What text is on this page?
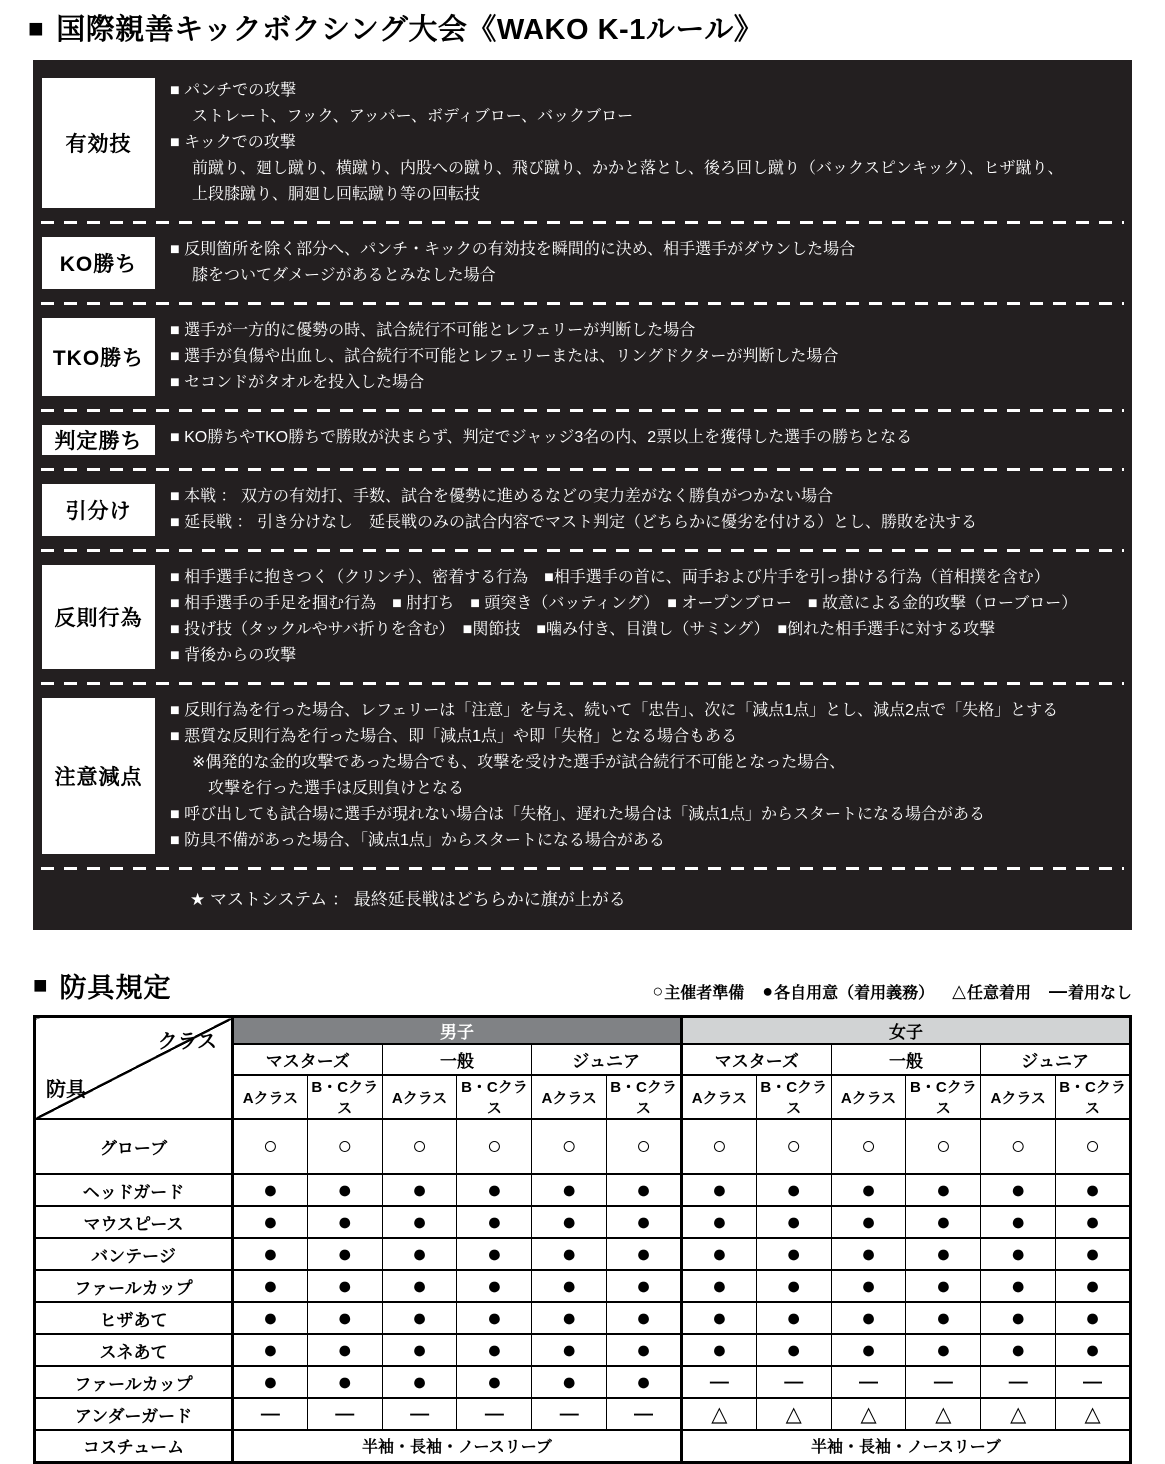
■ 国際親善キックボクシング大会《WAKO K-1ルール》
有効技
■ パンチでの攻撃
ストレート、フック、アッパー、ボディブロー、バックブロー
■ キックでの攻撃
前蹴り、廻し蹴り、横蹴り、内股への蹴り、飛び蹴り、かかと落とし、後ろ回し蹴り（バックスピンキック）、ヒザ蹴り、
上段膝蹴り、胴廻し回転蹴り等の回転技
KO勝ち
■ 反則箇所を除く部分へ、パンチ・キックの有効技を瞬間的に決め、相手選手がダウンした場合
膝をついてダメージがあるとみなした場合
TKO勝ち
■ 選手が一方的に優勢の時、試合続行不可能とレフェリーが判断した場合
■ 選手が負傷や出血し、試合続行不可能とレフェリーまたは、リングドクターが判断した場合
■ セコンドがタオルを投入した場合
判定勝ち	■ KO勝ちやTKO勝ちで勝敗が決まらず、判定でジャッジ3名の内、2票以上を獲得した選手の勝ちとなる
引分け
■ 本戦 ： 双方の有効打、手数、試合を優勢に進めるなどの実力差がなく勝負がつかない場合
■ 延長戦 ： 引き分けなし　延長戦のみの試合内容でマスト判定（どちらかに優劣を付ける）とし、勝敗を決する
反則行為
■ 相手選手に抱きつく（クリンチ）、密着する行為　■相手選手の首に、両手および片手を引っ掛ける行為（首相撲を含む）
■ 相手選手の手足を掴む行為　■ 肘打ち　■ 頭突き（バッティング）　■ オープンブロー　■ 故意による金的攻撃（ローブロー）
■ 投げ技（タックルやサバ折りを含む）　■関節技　■噛み付き、目潰し（サミング）　■倒れた相手選手に対する攻撃
■ 背後からの攻撃
注意減点
■ 反則行為を行った場合、レフェリーは「注意」を与え、続いて「忠告」、次に「減点1点」とし、減点2点で「失格」とする
■ 悪質な反則行為を行った場合、即「減点1点」や即「失格」となる場合もある
※偶発的な金的攻撃であった場合でも、攻撃を受けた選手が試合続行不可能となった場合、
攻撃を行った選手は反則負けとなる
■ 呼び出しても試合場に選手が現れない場合は「失格」、遅れた場合は「減点1点」からスタートになる場合がある
■ 防具不備があった場合、「減点1点」からスタートになる場合がある
★ マストシステム ： 最終延長戦はどちらかに旗が上がる
■ 防具規定	○ 主催者準備 ● 各自用意（着用義務） △ 任意着用 — 着用なし
クラス
防具	男子						女子					
	マスターズ		一般		ジュニア		マスターズ		一般		ジュニア	
	Aクラス	B・Cクラス	Aクラス	B・Cクラス	Aクラス	B・Cクラス	Aクラス	B・Cクラス	Aクラス	B・Cクラス	Aクラス	B・Cクラス
グローブ	○	○	○	○	○	○	○	○	○	○	○	○
ヘッドガード	●	●	●	●	●	●	●	●	●	●	●	●
マウスピース	●	●	●	●	●	●	●	●	●	●	●	●
バンテージ	●	●	●	●	●	●	●	●	●	●	●	●
ファールカップ	●	●	●	●	●	●	●	●	●	●	●	●
ヒザあて	●	●	●	●	●	●	●	●	●	●	●	●
スネあて	●	●	●	●	●	●	●	●	●	●	●	●
ファールカップ	●	●	●	●	●	●	—	—	—	—	—	—
アンダーガード	—	—	—	—	—	—	△	△	△	△	△	△
コスチューム	半袖・長袖・ノースリーブ						半袖・長袖・ノースリーブ					
